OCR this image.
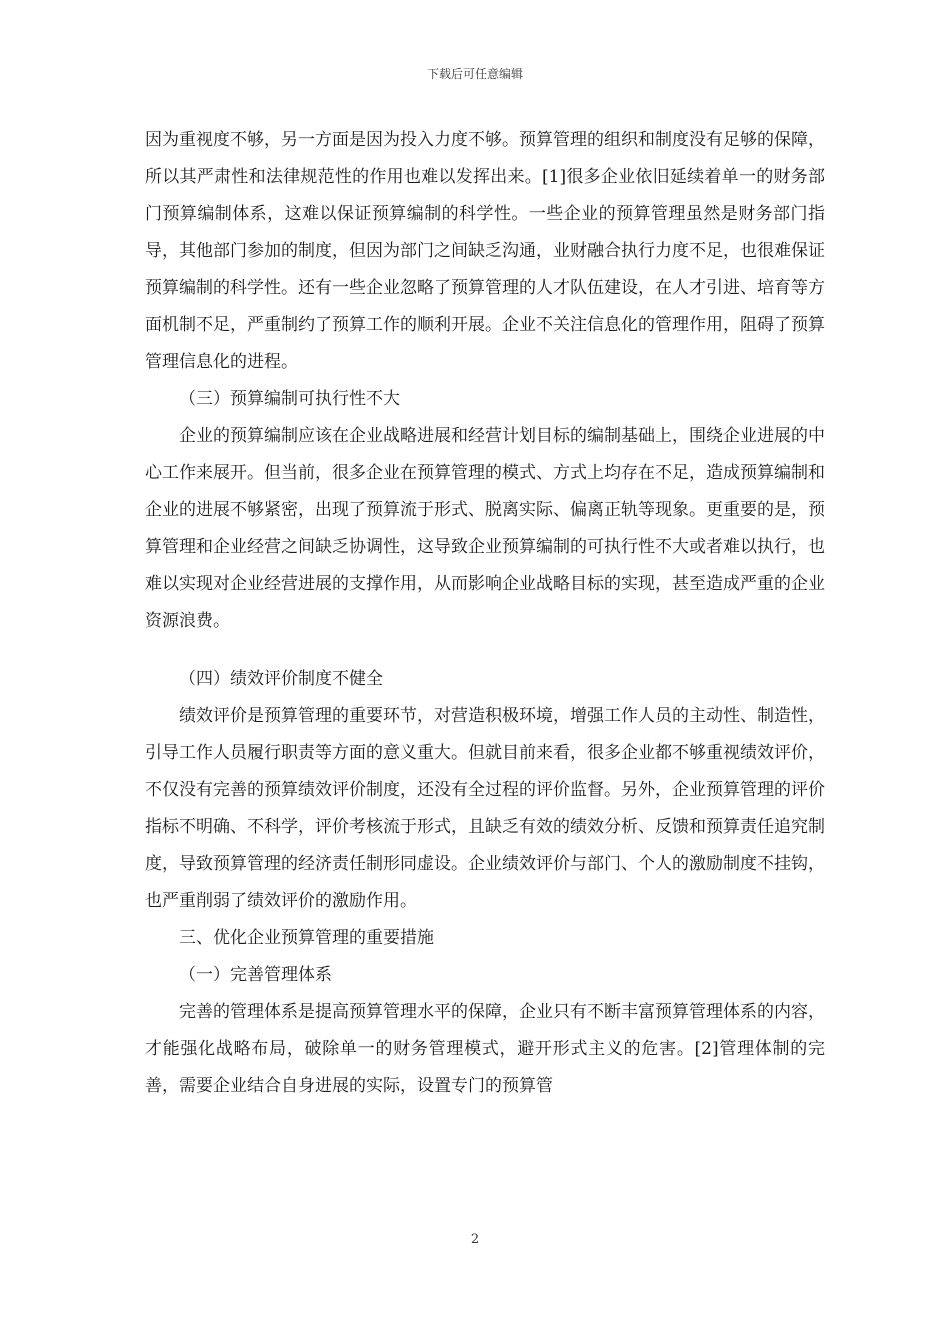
下载后可任意编辑

因为重视度不够，另一方面是因为投入力度不够。预算管理的组织和制度没有足够的保障，所以其严肃性和法律规范性的作用也难以发挥出来。[1]很多企业依旧延续着单一的财务部门预算编制体系，这难以保证预算编制的科学性。一些企业的预算管理虽然是财务部门指导，其他部门参加的制度，但因为部门之间缺乏沟通，业财融合执行力度不足，也很难保证预算编制的科学性。还有一些企业忽略了预算管理的人才队伍建设，在人才引进、培育等方面机制不足，严重制约了预算工作的顺利开展。企业不关注信息化的管理作用，阻碍了预算管理信息化的进程。

（三）预算编制可执行性不大

企业的预算编制应该在企业战略进展和经营计划目标的编制基础上，围绕企业进展的中心工作来展开。但当前，很多企业在预算管理的模式、方式上均存在不足，造成预算编制和企业的进展不够紧密，出现了预算流于形式、脱离实际、偏离正轨等现象。更重要的是，预算管理和企业经营之间缺乏协调性，这导致企业预算编制的可执行性不大或者难以执行，也难以实现对企业经营进展的支撑作用，从而影响企业战略目标的实现，甚至造成严重的企业资源浪费。

（四）绩效评价制度不健全

绩效评价是预算管理的重要环节，对营造积极环境，增强工作人员的主动性、制造性，引导工作人员履行职责等方面的意义重大。但就目前来看，很多企业都不够重视绩效评价，不仅没有完善的预算绩效评价制度，还没有全过程的评价监督。另外，企业预算管理的评价指标不明确、不科学，评价考核流于形式，且缺乏有效的绩效分析、反馈和预算责任追究制度，导致预算管理的经济责任制形同虚设。企业绩效评价与部门、个人的激励制度不挂钩，也严重削弱了绩效评价的激励作用。

三、优化企业预算管理的重要措施

（一）完善管理体系

完善的管理体系是提高预算管理水平的保障，企业只有不断丰富预算管理体系的内容，才能强化战略布局，破除单一的财务管理模式，避开形式主义的危害。[2]管理体制的完善，需要企业结合自身进展的实际，设置专门的预算管

2
